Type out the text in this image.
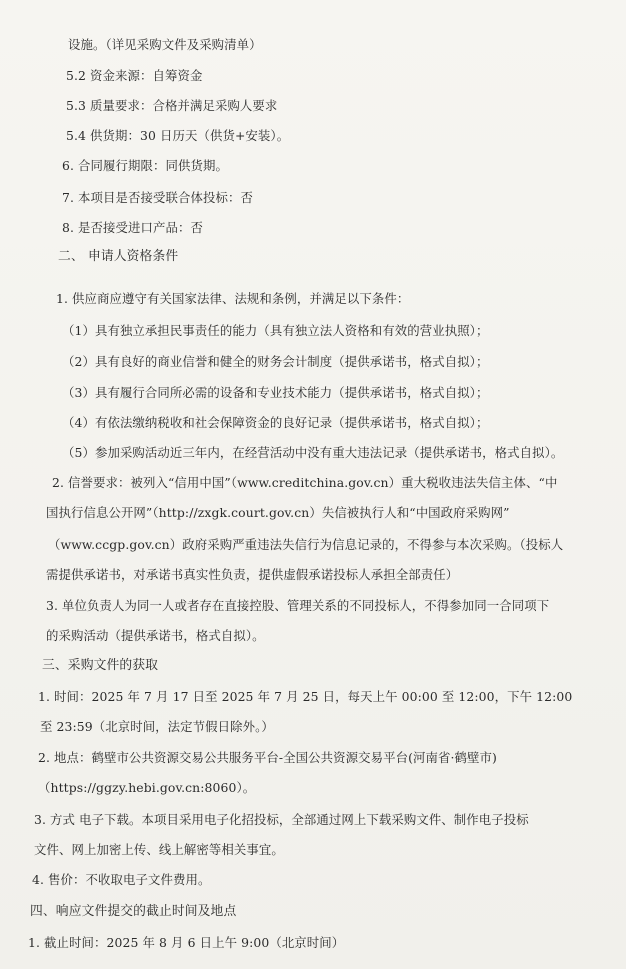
设施。（详见采购文件及采购清单）
5.2 资金来源：自筹资金
5.3 质量要求：合格并满足采购人要求
5.4 供货期：30 日历天（供货+安装）。
6. 合同履行期限：同供货期。
7. 本项目是否接受联合体投标：否
8. 是否接受进口产品：否
二、 申请人资格条件
1. 供应商应遵守有关国家法律、法规和条例，并满足以下条件：
（1）具有独立承担民事责任的能力（具有独立法人资格和有效的营业执照）；
（2）具有良好的商业信誉和健全的财务会计制度（提供承诺书，格式自拟）；
（3）具有履行合同所必需的设备和专业技术能力（提供承诺书，格式自拟）；
（4）有依法缴纳税收和社会保障资金的良好记录（提供承诺书，格式自拟）；
（5）参加采购活动近三年内，在经营活动中没有重大违法记录（提供承诺书，格式自拟）。
2. 信誉要求：被列入“信用中国”（www.creditchina.gov.cn）重大税收违法失信主体、“中
国执行信息公开网”（http://zxgk.court.gov.cn）失信被执行人和“中国政府采购网”
（www.ccgp.gov.cn）政府采购严重违法失信行为信息记录的，不得参与本次采购。（投标人
需提供承诺书，对承诺书真实性负责，提供虚假承诺投标人承担全部责任）
3. 单位负责人为同一人或者存在直接控股、管理关系的不同投标人，不得参加同一合同项下
的采购活动（提供承诺书，格式自拟）。
三、采购文件的获取
1. 时间：2025 年 7 月 17 日至 2025 年 7 月 25 日，每天上午 00:00 至 12:00，下午 12:00
至 23:59（北京时间，法定节假日除外。）
2. 地点：鹤壁市公共资源交易公共服务平台-全国公共资源交易平台(河南省·鹤壁市)
（https://ggzy.hebi.gov.cn:8060）。
3. 方式 电子下载。本项目采用电子化招投标，全部通过网上下载采购文件、制作电子投标
文件、网上加密上传、线上解密等相关事宜。
4. 售价：不收取电子文件费用。
四、响应文件提交的截止时间及地点
1. 截止时间：2025 年 8 月 6 日上午 9:00（北京时间）
